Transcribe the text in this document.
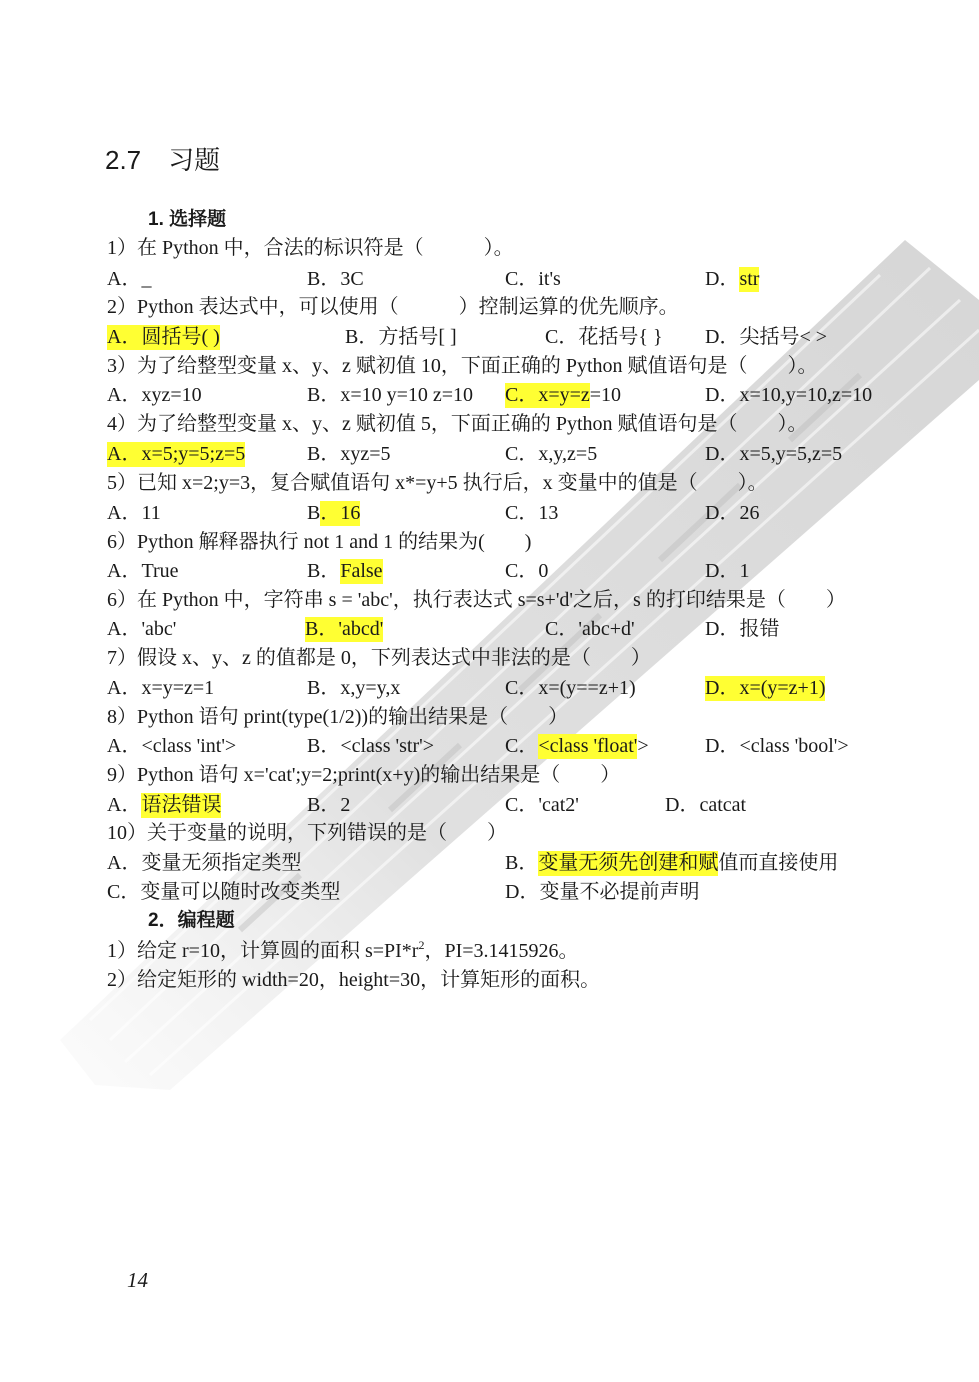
2.7 习题
1. 选择题
1）在 Python 中，合法的标识符是（　　　）。
A．_	B．3C	C．it's	D．str
2）Python 表达式中，可以使用（　　　）控制运算的优先顺序。
A．圆括号( )	B．方括号[ ]	C．花括号{ } D．尖括号< >
3）为了给整型变量 x、y、z 赋初值 10，下面正确的 Python 赋值语句是（　　）。
A．xyz=10	B．x=10 y=10 z=10 C．x=y=z=10	D．x=10,y=10,z=10
4）为了给整型变量 x、y、z 赋初值 5，下面正确的 Python 赋值语句是（　　）。
A．x=5;y=5;z=5	B．xyz=5	C．x,y,z=5	D．x=5,y=5,z=5
5）已知 x=2;y=3，复合赋值语句 x*=y+5 执行后，x 变量中的值是（　　）。
A．11	B．16	C．13	D．26
6）Python 解释器执行 not 1 and 1 的结果为(　　)
A．True	B．False	C．0	D．1
6）在 Python 中，字符串 s = 'abc'，执行表达式 s=s+'d'之后，s 的打印结果是（　　）
A．'abc'	B．'abcd'	C．'abc+d'	D．报错
7）假设 x、y、z 的值都是 0，下列表达式中非法的是（　　）
A．x=y=z=1	B．x,y=y,x	C．x=(y==z+1)	D．x=(y=z+1)
8）Python 语句 print(type(1/2))的输出结果是（　　）
A．<class 'int'>	B．<class 'str'>	C．<class 'float'>	D．<class 'bool'>
9）Python 语句 x='cat';y=2;print(x+y)的输出结果是（　　）
A．语法错误	B．2	C．'cat2'	D．catcat
10）关于变量的说明，下列错误的是（　　）
A．变量无须指定类型	B．变量无须先创建和赋值而直接使用
C．变量可以随时改变类型	D．变量不必提前声明
2．编程题
1）给定 r=10，计算圆的面积 $s=PI*r^2$，PI=3.1415926。
2）给定矩形的 width=20，height=30，计算矩形的面积。
14
